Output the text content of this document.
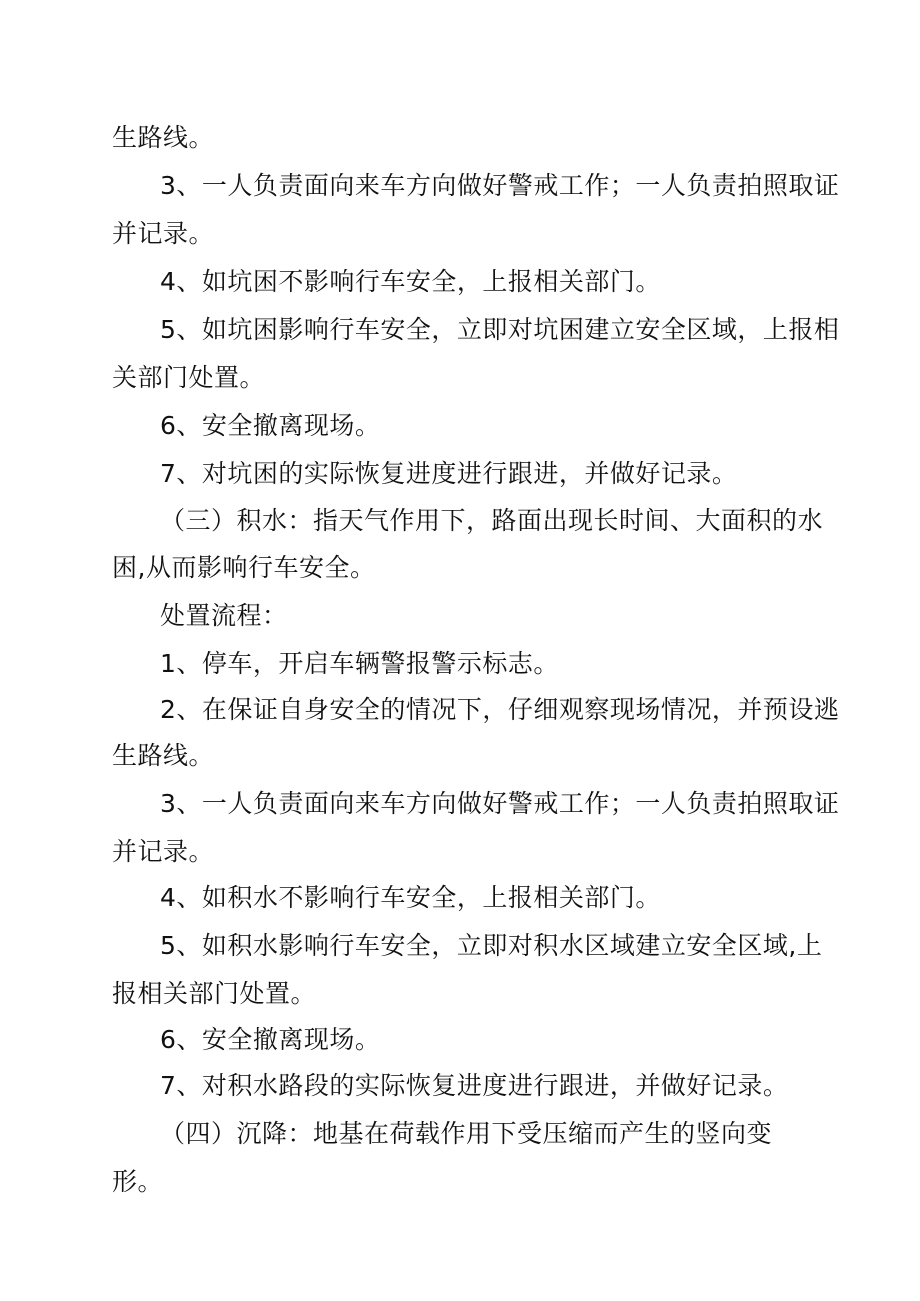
生路线。
3、一人负责面向来车方向做好警戒工作；一人负责拍照取证
并记录。
4、如坑困不影响行车安全，上报相关部门。
5、如坑困影响行车安全，立即对坑困建立安全区域，上报相
关部门处置。
6、安全撤离现场。
7、对坑困的实际恢复进度进行跟进，并做好记录。
（三）积水：指天气作用下，路面出现长时间、大面积的水
困,从而影响行车安全。
处置流程：
1、停车，开启车辆警报警示标志。
2、在保证自身安全的情况下，仔细观察现场情况，并预设逃
生路线。
3、一人负责面向来车方向做好警戒工作；一人负责拍照取证
并记录。
4、如积水不影响行车安全，上报相关部门。
5、如积水影响行车安全，立即对积水区域建立安全区域,上
报相关部门处置。
6、安全撤离现场。
7、对积水路段的实际恢复进度进行跟进，并做好记录。
（四）沉降：地基在荷载作用下受压缩而产生的竖向变
形。
